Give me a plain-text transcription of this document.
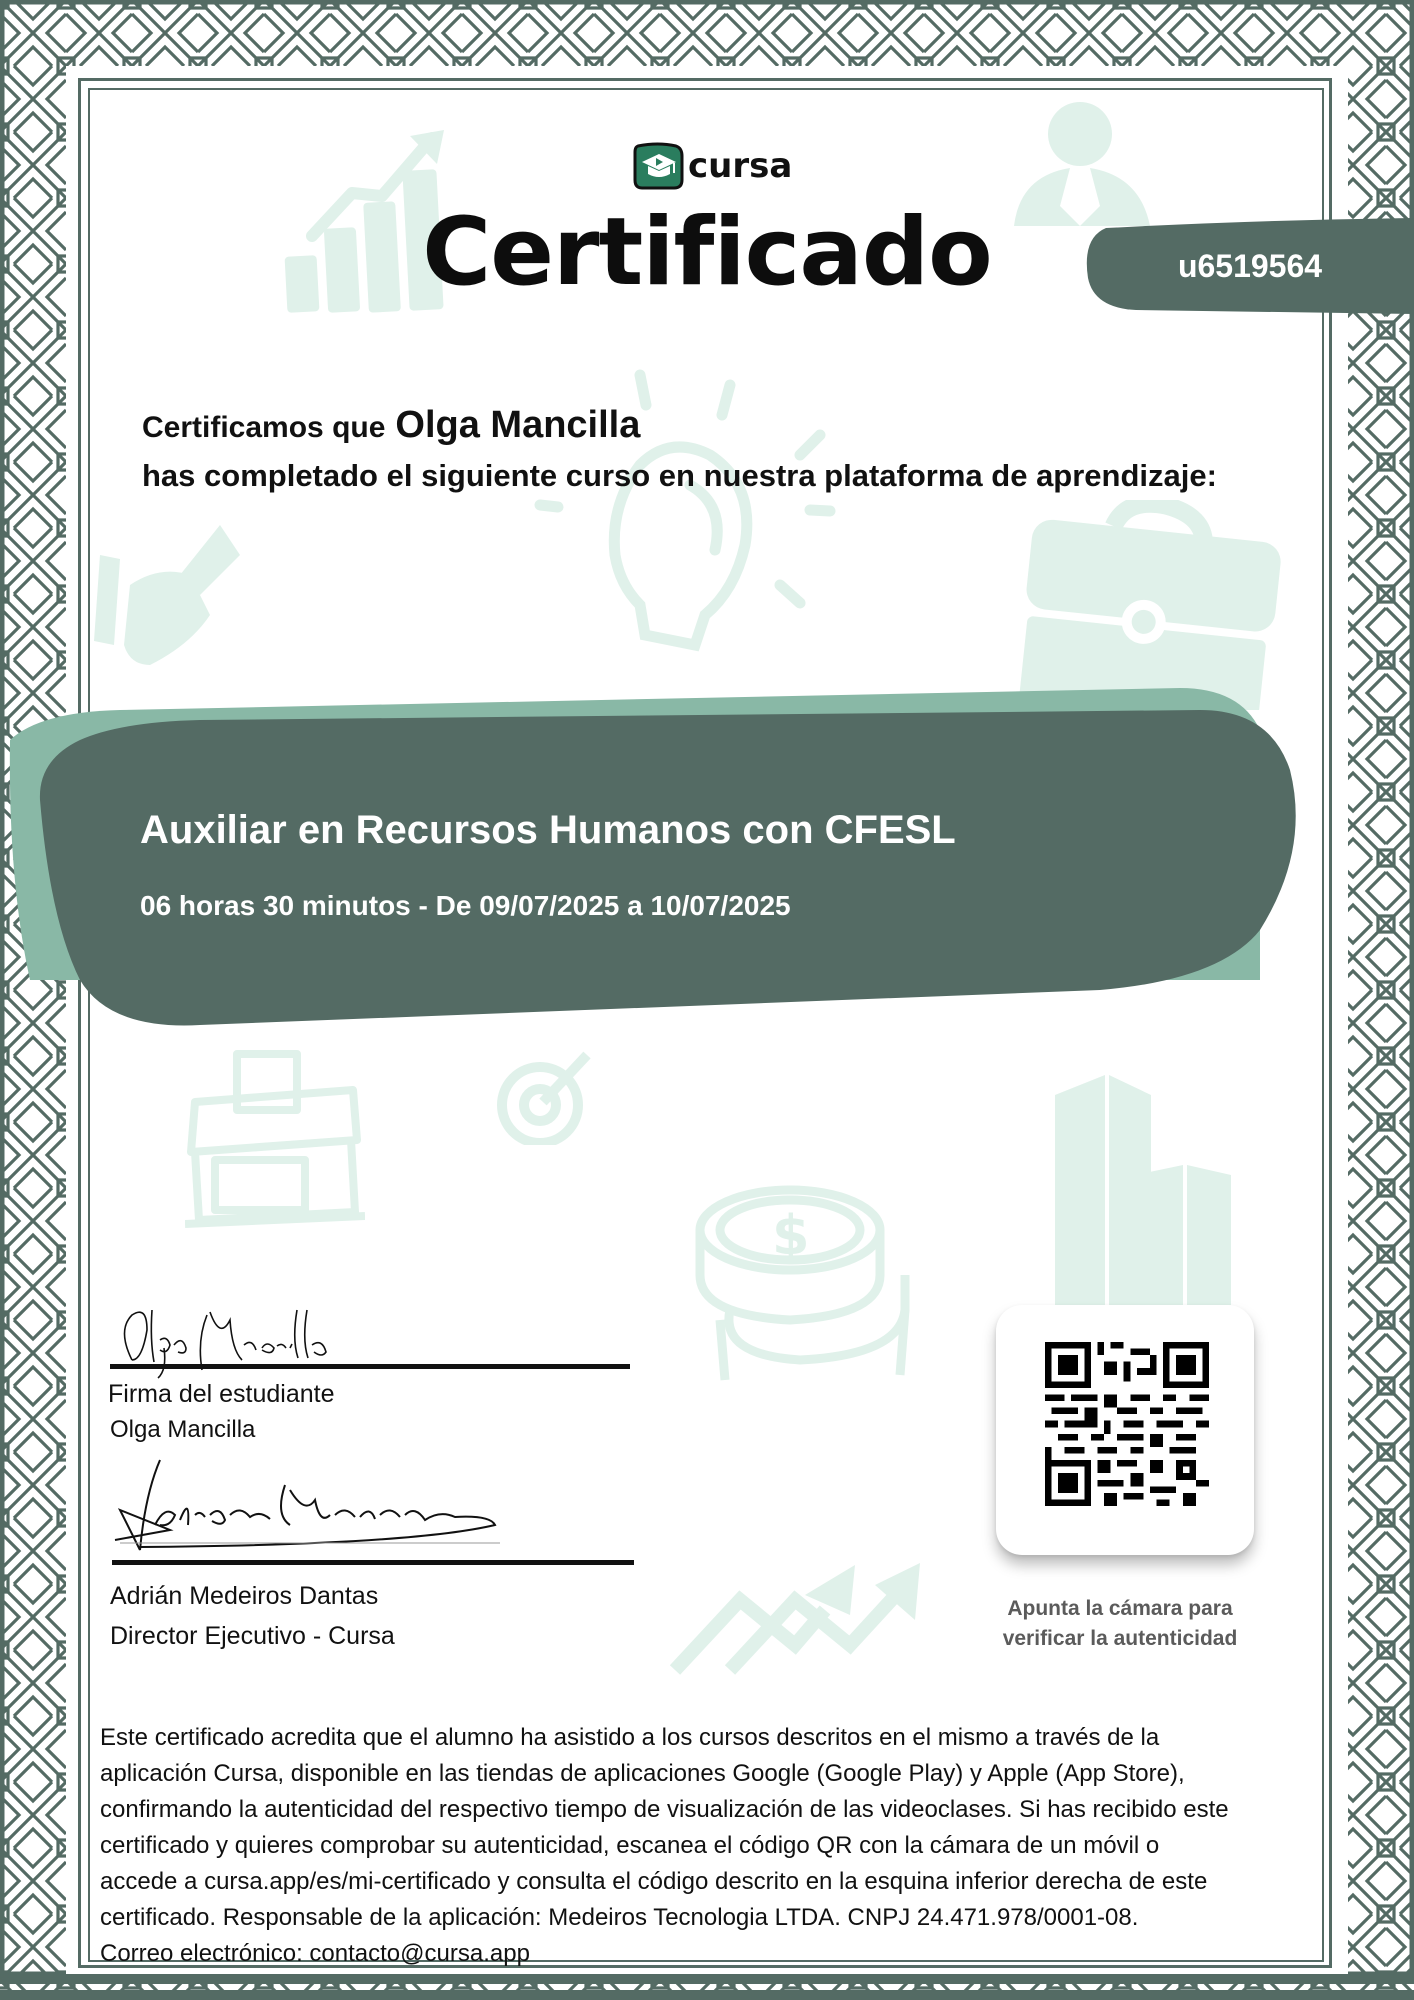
$
cursa
Certificado	u6519564
Certificamos que Olga Mancilla
has completado el siguiente curso en nuestra plataforma de aprendizaje:
Auxiliar en Recursos Humanos con CFESL
06 horas 30 minutos - De 09/07/2025 a 10/07/2025
Firma del estudiante
Olga Mancilla
Adrián Medeiros Dantas
Director Ejecutivo - Cursa
Apunta la cámara para
verificar la autenticidad
Este certificado acredita que el alumno ha asistido a los cursos descritos en el mismo a través de la
aplicación Cursa, disponible en las tiendas de aplicaciones Google (Google Play) y Apple (App Store),
confirmando la autenticidad del respectivo tiempo de visualización de las videoclases. Si has recibido este
certificado y quieres comprobar su autenticidad, escanea el código QR con la cámara de un móvil o
accede a cursa.app/es/mi-certificado y consulta el código descrito en la esquina inferior derecha de este
certificado. Responsable de la aplicación: Medeiros Tecnologia LTDA. CNPJ 24.471.978/0001-08.
Correo electrónico: contacto@cursa.app
